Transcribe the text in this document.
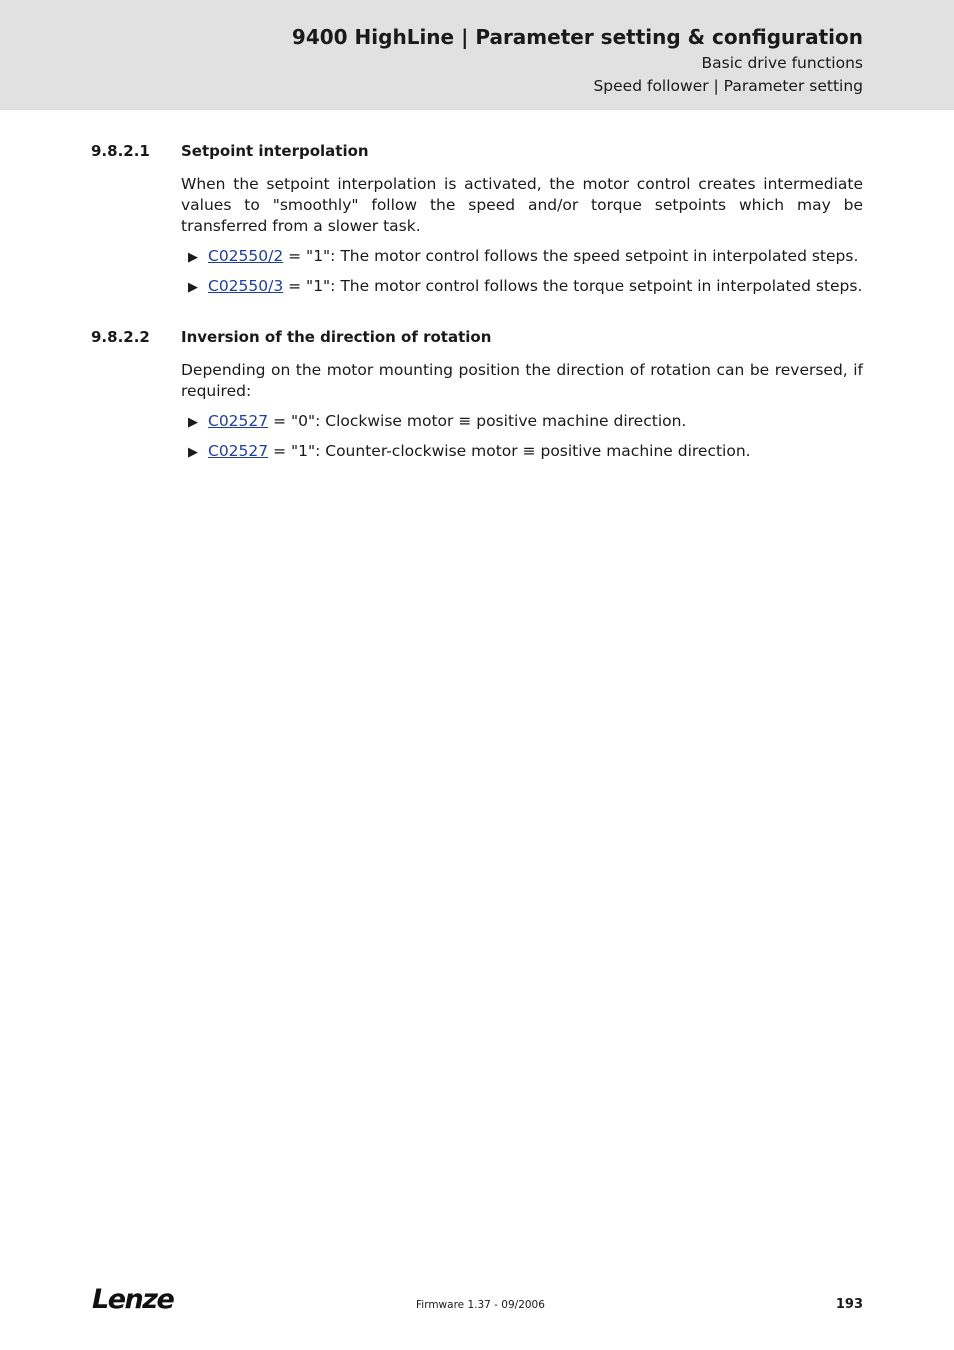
9400 HighLine | Parameter setting & configuration
Basic drive functions
Speed follower | Parameter setting
9.8.2.1 Setpoint interpolation
When the setpoint interpolation is activated, the motor control creates intermediate values to "smoothly" follow the speed and/or torque setpoints which may be transferred from a slower task.
▶ C02550/2 = "1": The motor control follows the speed setpoint in interpolated steps.
▶ C02550/3 = "1": The motor control follows the torque setpoint in interpolated steps.
9.8.2.2 Inversion of the direction of rotation
Depending on the motor mounting position the direction of rotation can be reversed, if required:
▶ C02527 = "0": Clockwise motor ≡ positive machine direction.
▶ C02527 = "1": Counter-clockwise motor ≡ positive machine direction.
Lenze	Firmware 1.37 - 09/2006	193
